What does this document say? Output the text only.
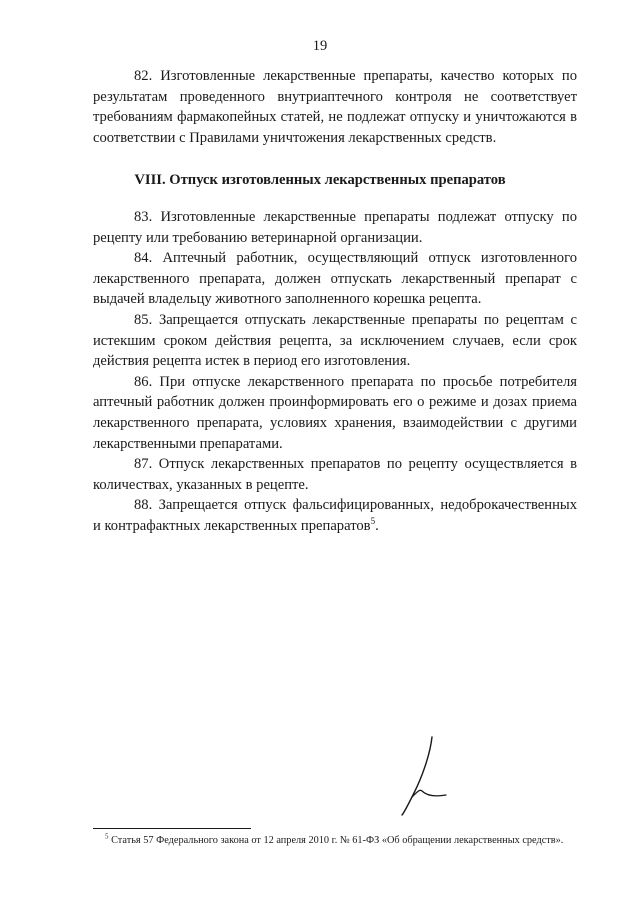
19

82. Изготовленные лекарственные препараты, качество которых по результатам проведенного внутриаптечного контроля не соответствует требованиям фармакопейных статей, не подлежат отпуску и уничтожаются в соответствии с Правилами уничтожения лекарственных средств.

VIII. Отпуск изготовленных лекарственных препаратов

83. Изготовленные лекарственные препараты подлежат отпуску по рецепту или требованию ветеринарной организации.

84. Аптечный работник, осуществляющий отпуск изготовленного лекарственного препарата, должен отпускать лекарственный препарат с выдачей владельцу животного заполненного корешка рецепта.

85. Запрещается отпускать лекарственные препараты по рецептам с истекшим сроком действия рецепта, за исключением случаев, если срок действия рецепта истек в период его изготовления.

86. При отпуске лекарственного препарата по просьбе потребителя аптечный работник должен проинформировать его о режиме и дозах приема лекарственного препарата, условиях хранения, взаимодействии с другими лекарственными препаратами.

87. Отпуск лекарственных препаратов по рецепту осуществляется в количествах, указанных в рецепте.

88. Запрещается отпуск фальсифицированных, недоброкачественных и контрафактных лекарственных препаратов$^5$.

$^5$ Статья 57 Федерального закона от 12 апреля 2010 г. № 61-ФЗ «Об обращении лекарственных средств».
